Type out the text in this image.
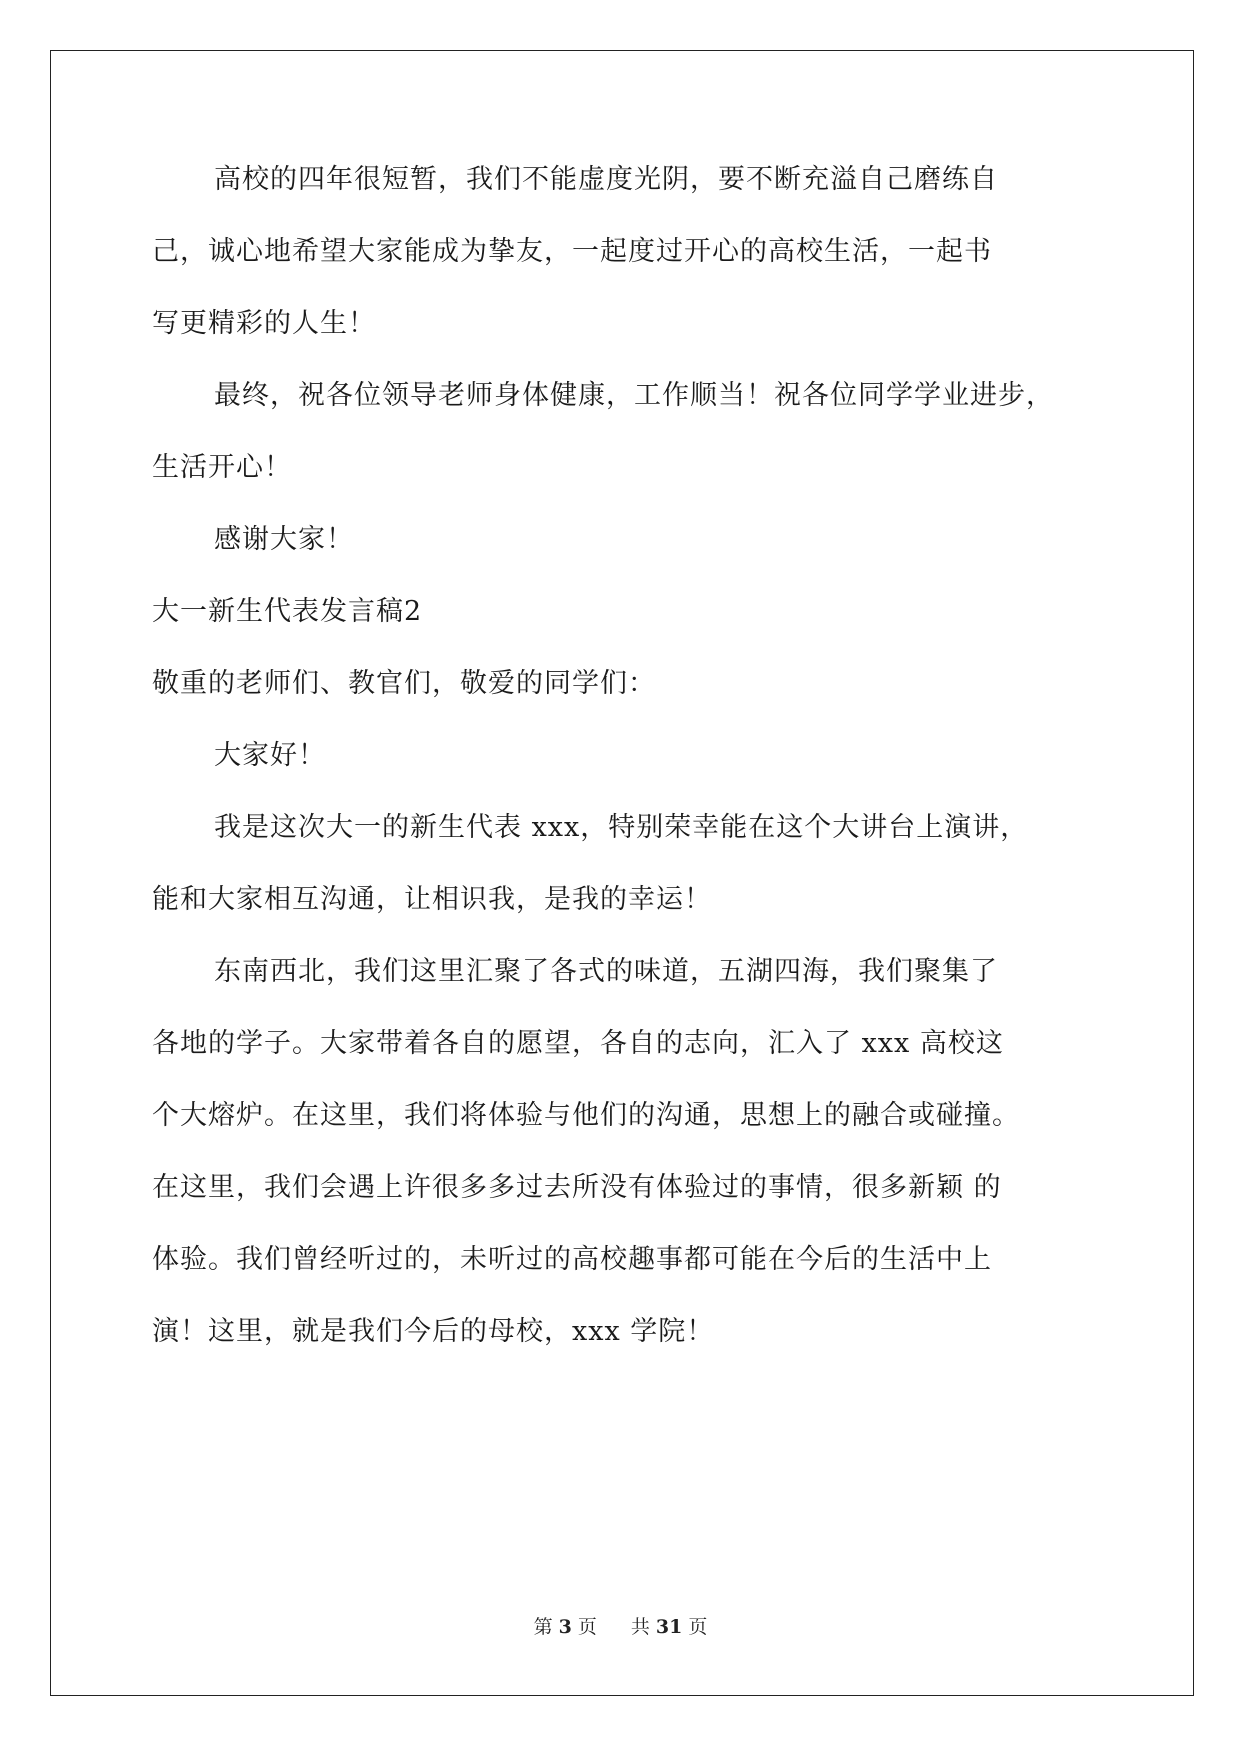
高校的四年很短暂，我们不能虚度光阴，要不断充溢自己磨练自
己，诚心地希望大家能成为挚友，一起度过开心的高校生活，一起书
写更精彩的人生！
最终，祝各位领导老师身体健康，工作顺当！祝各位同学学业进步，
生活开心！
感谢大家！
大一新生代表发言稿2
敬重的老师们、教官们，敬爱的同学们：
大家好！
我是这次大一的新生代表 xxx，特别荣幸能在这个大讲台上演讲，
能和大家相互沟通，让相识我，是我的幸运！
东南西北，我们这里汇聚了各式的味道，五湖四海，我们聚集了
各地的学子。大家带着各自的愿望，各自的志向，汇入了 xxx 高校这
个大熔炉。在这里，我们将体验与他们的沟通，思想上的融合或碰撞。
在这里，我们会遇上许很多多过去所没有体验过的事情，很多新颖 的
体验。我们曾经听过的，未听过的高校趣事都可能在今后的生活中上
演！这里，就是我们今后的母校，xxx 学院！
第 3 页 共 31 页
